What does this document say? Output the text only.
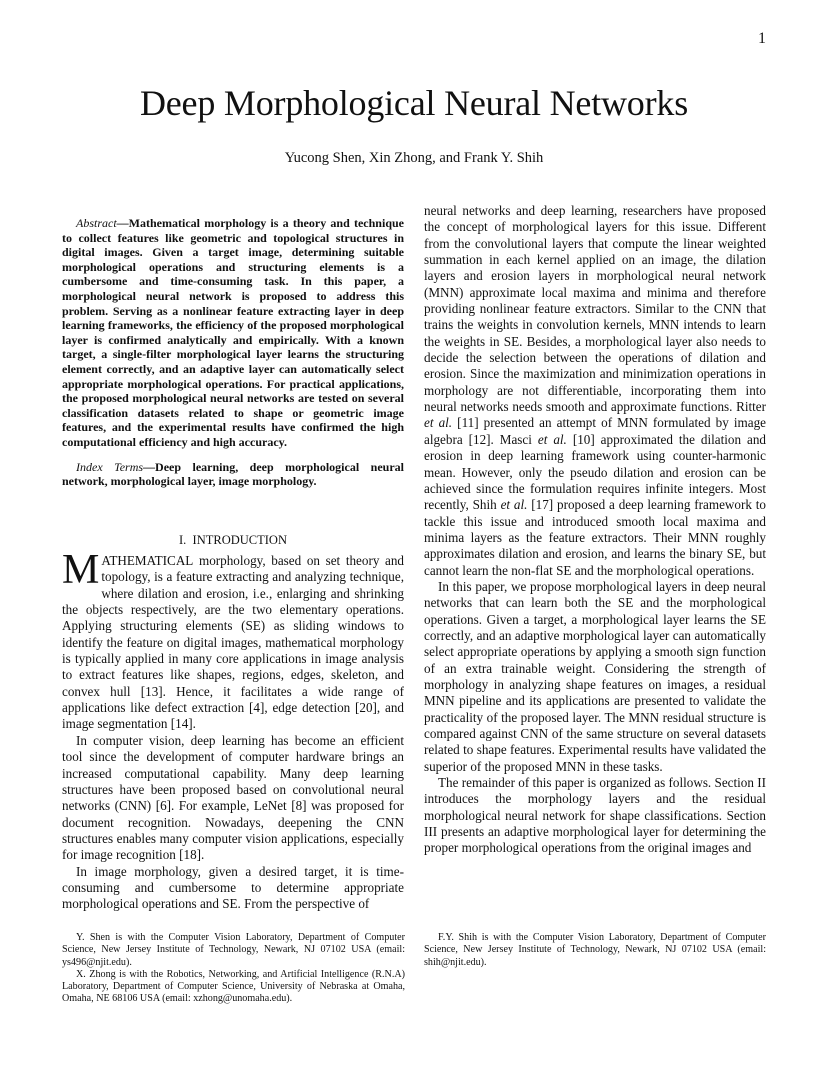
1
Deep Morphological Neural Networks
Yucong Shen, Xin Zhong, and Frank Y. Shih

Abstract—Mathematical morphology is a theory and technique to collect features like geometric and topological structures in digital images. Given a target image, determining suitable morphological operations and structuring elements is a cumbersome and time-consuming task. In this paper, a morphological neural network is proposed to address this problem. Serving as a nonlinear feature extracting layer in deep learning frameworks, the efficiency of the proposed morphological layer is confirmed analytically and empirically. With a known target, a single-filter morphological layer learns the structuring element correctly, and an adaptive layer can automatically select appropriate morphological operations. For practical applications, the proposed morphological neural networks are tested on several classification datasets related to shape or geometric image features, and the experimental results have confirmed the high computational efficiency and high accuracy.

Index Terms—Deep learning, deep morphological neural network, morphological layer, image morphology.

I. INTRODUCTION

MATHEMATICAL morphology, based on set theory and topology, is a feature extracting and analyzing technique, where dilation and erosion, i.e., enlarging and shrinking the objects respectively, are the two elementary operations. Applying structuring elements (SE) as sliding windows to identify the feature on digital images, mathematical morphology is typically applied in many core applications in image analysis to extract features like shapes, regions, edges, skeleton, and convex hull [13]. Hence, it facilitates a wide range of applications like defect extraction [4], edge detection [20], and image segmentation [14].

In computer vision, deep learning has become an efficient tool since the development of computer hardware brings an increased computational capability. Many deep learning structures have been proposed based on convolutional neural networks (CNN) [6]. For example, LeNet [8] was proposed for document recognition. Nowadays, deepening the CNN structures enables many computer vision applications, especially for image recognition [18].

In image morphology, given a desired target, it is time-consuming and cumbersome to determine appropriate morphological operations and SE. From the perspective of

neural networks and deep learning, researchers have proposed the concept of morphological layers for this issue. Different from the convolutional layers that compute the linear weighted summation in each kernel applied on an image, the dilation layers and erosion layers in morphological neural network (MNN) approximate local maxima and minima and therefore providing nonlinear feature extractors. Similar to the CNN that trains the weights in convolution kernels, MNN intends to learn the weights in SE. Besides, a morphological layer also needs to decide the selection between the operations of dilation and erosion. Since the maximization and minimization operations in morphology are not differentiable, incorporating them into neural networks needs smooth and approximate functions. Ritter et al. [11] presented an attempt of MNN formulated by image algebra [12]. Masci et al. [10] approximated the dilation and erosion in deep learning framework using counter-harmonic mean. However, only the pseudo dilation and erosion can be achieved since the formulation requires infinite integers. Most recently, Shih et al. [17] proposed a deep learning framework to tackle this issue and introduced smooth local maxima and minima layers as the feature extractors. Their MNN roughly approximates dilation and erosion, and learns the binary SE, but cannot learn the non-flat SE and the morphological operations.

In this paper, we propose morphological layers in deep neural networks that can learn both the SE and the morphological operations. Given a target, a morphological layer learns the SE correctly, and an adaptive morphological layer can automatically select appropriate operations by applying a smooth sign function of an extra trainable weight. Considering the strength of morphology in analyzing shape features on images, a residual MNN pipeline and its applications are presented to validate the practicality of the proposed layer. The MNN residual structure is compared against CNN of the same structure on several datasets related to shape features. Experimental results have validated the superior of the proposed MNN in these tasks.

The remainder of this paper is organized as follows. Section II introduces the morphology layers and the residual morphological neural network for shape classifications. Section III presents an adaptive morphological layer for determining the proper morphological operations from the original images and

Y. Shen is with the Computer Vision Laboratory, Department of Computer Science, New Jersey Institute of Technology, Newark, NJ 07102 USA (email: ys496@njit.edu).

X. Zhong is with the Robotics, Networking, and Artificial Intelligence (R.N.A) Laboratory, Department of Computer Science, University of Nebraska at Omaha, Omaha, NE 68106 USA (email: xzhong@unomaha.edu).

F.Y. Shih is with the Computer Vision Laboratory, Department of Computer Science, New Jersey Institute of Technology, Newark, NJ 07102 USA (email: shih@njit.edu).
